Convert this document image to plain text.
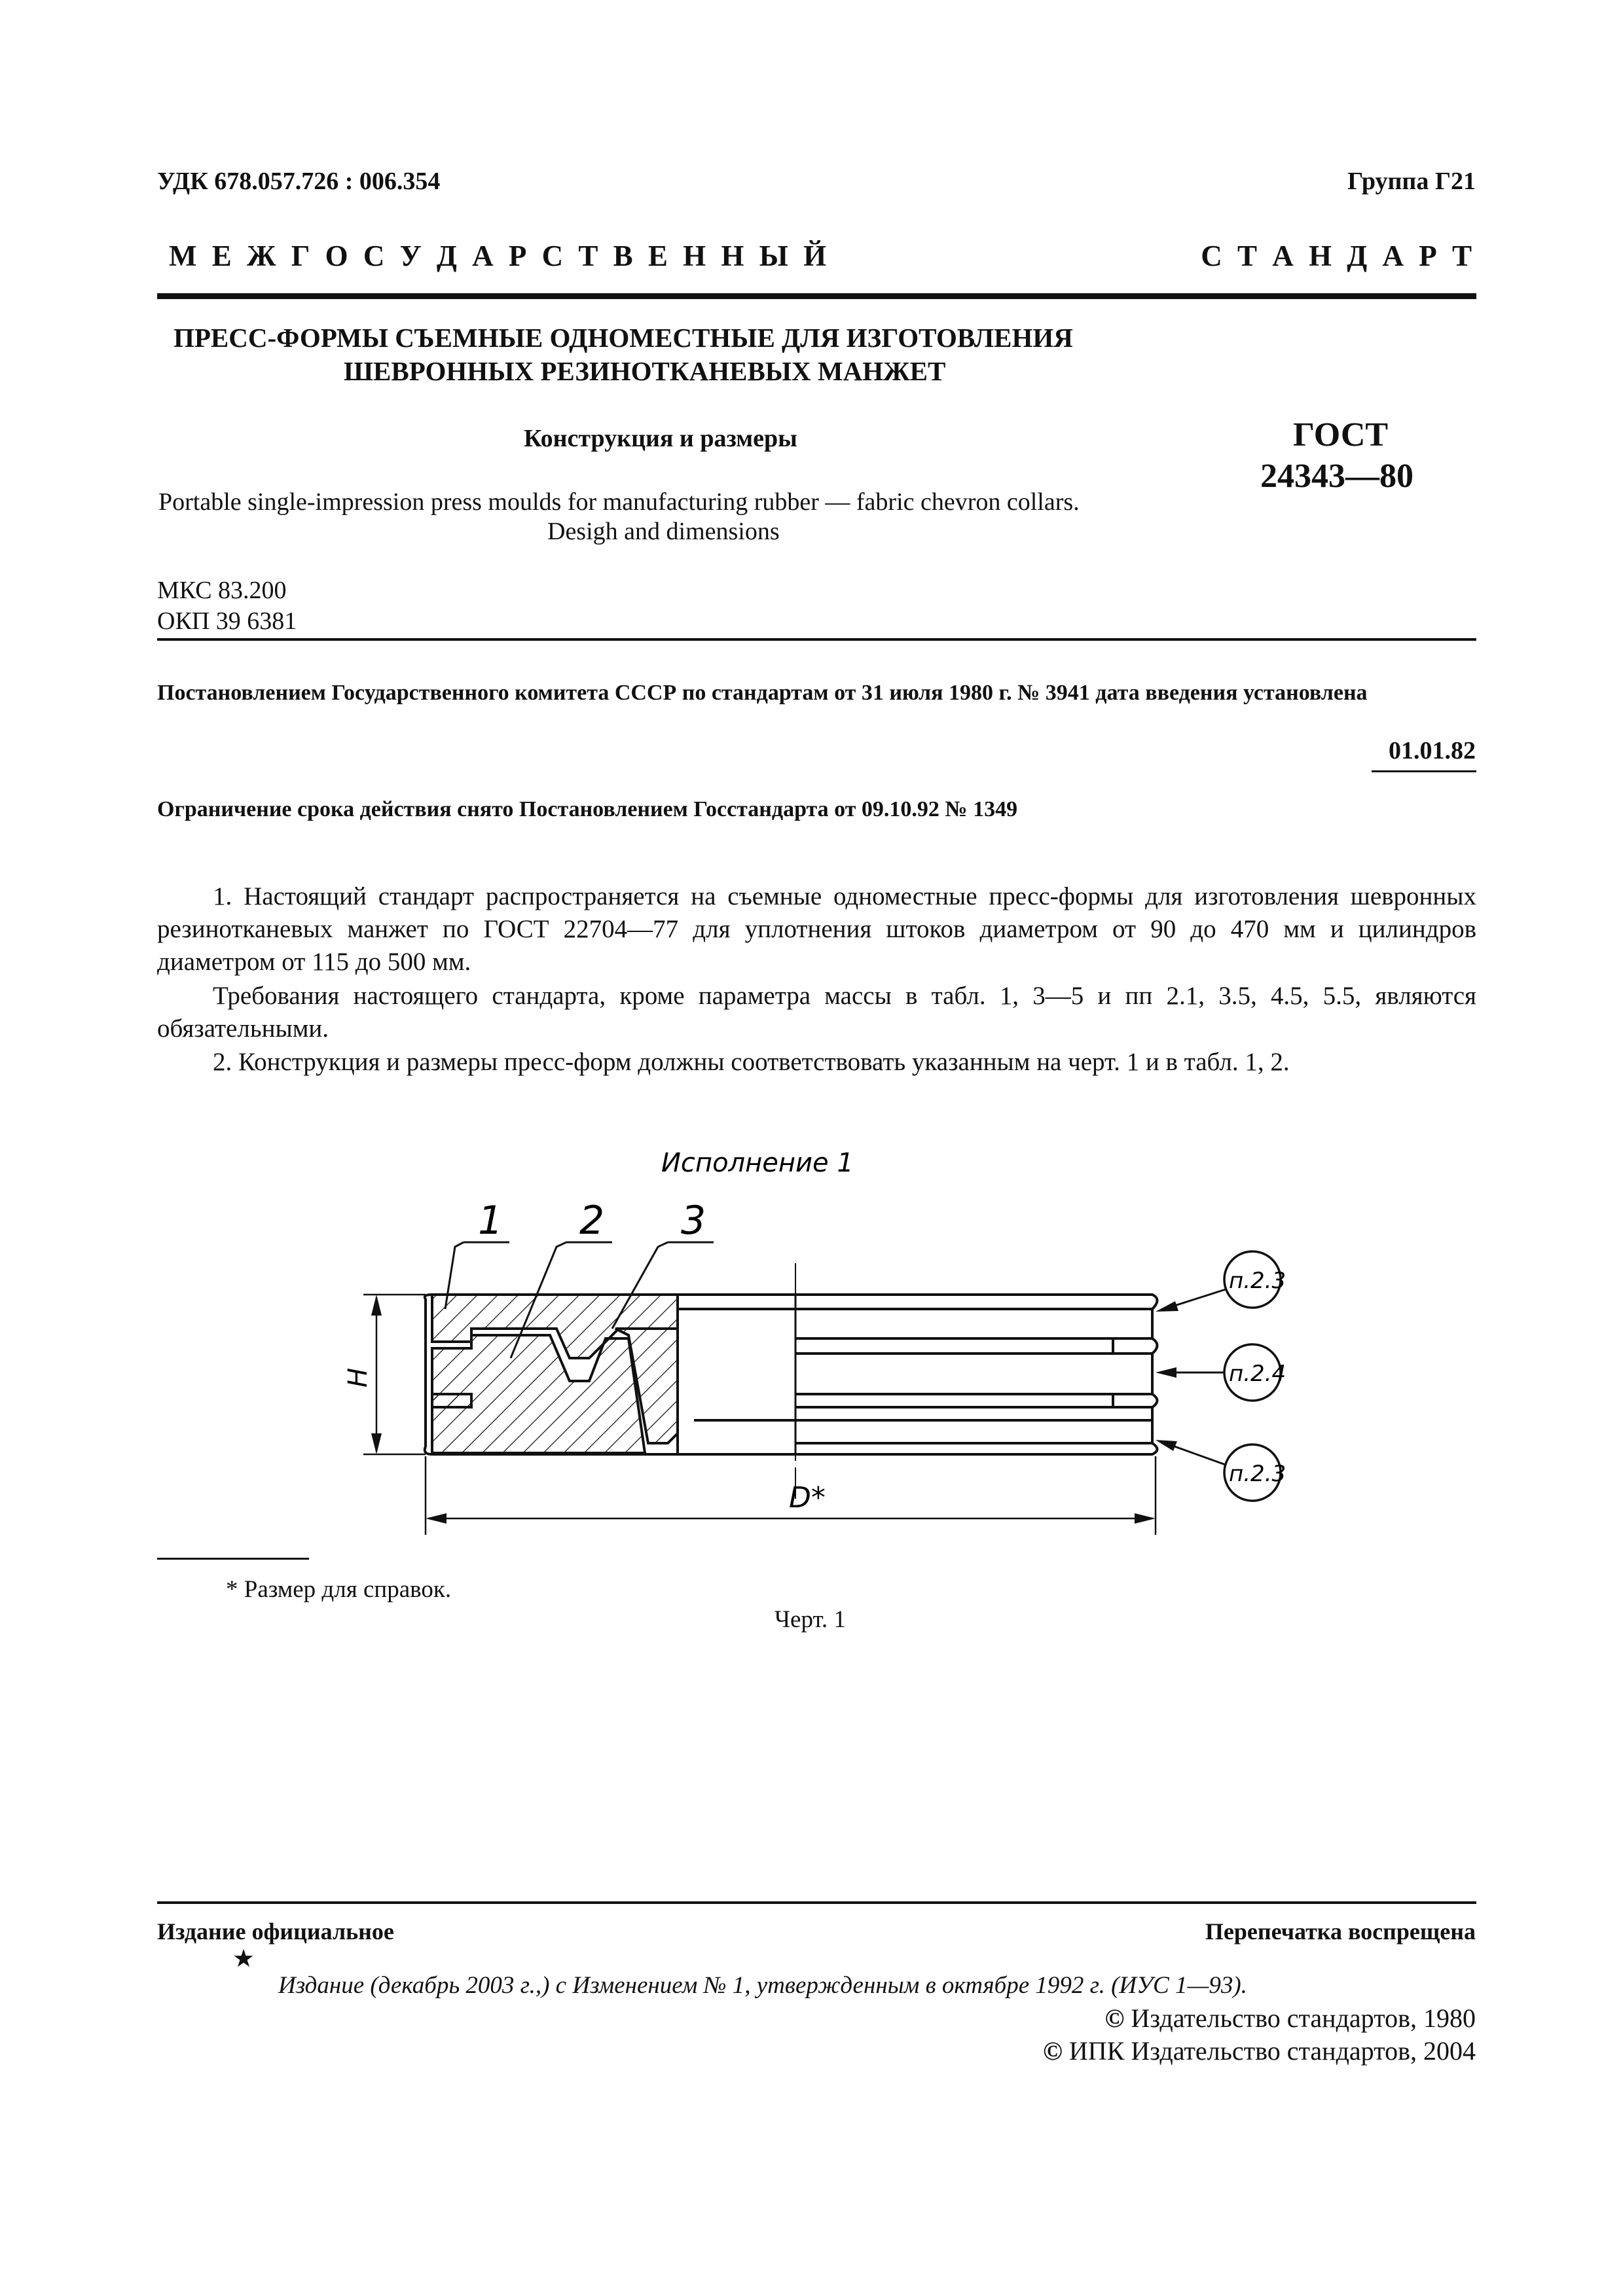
УДК 678.057.726 : 006.354	Группа Г21
М Е Ж Г О С У Д А Р С Т В Е Н Н Ы Й	С Т А Н Д А Р Т
ПРЕСС-ФОРМЫ СЪЕМНЫЕ ОДНОМЕСТНЫЕ ДЛЯ ИЗГОТОВЛЕНИЯ
ШЕВРОННЫХ РЕЗИНОТКАНЕВЫХ МАНЖЕТ
Конструкция и размеры
Portable single-impression press moulds for manufacturing rubber — fabric chevron collars.
Desigh and dimensions
ГОСТ
24343—80
МКС 83.200
ОКП 39 6381
Постановлением Государственного комитета СССР по стандартам от 31 июля 1980 г. № 3941 дата введения установлена
01.01.82
Ограничение срока действия снято Постановлением Госстандарта от 09.10.92 № 1349
1. Настоящий стандарт распространяется на съемные одноместные пресс-формы для изготовления шевронных резинотканевых манжет по ГОСТ 22704—77 для уплотнения штоков диаметром от 90 до 470 мм и цилиндров диаметром от 115 до 500 мм.
Требования настоящего стандарта, кроме параметра массы в табл. 1, 3—5 и пп 2.1, 3.5, 4.5, 5.5, являются обязательными.
2. Конструкция и размеры пресс-форм должны соответствовать указанным на черт. 1 и в табл. 1, 2.
Исполнение 1
1 2 3
H
D*
п.2.3
п.2.4
п.2.3
* Размер для справок.
Черт. 1
Издание официальное	Перепечатка воспрещена
★
Издание (декабрь 2003 г.,) с Изменением № 1, утвержденным в октябре 1992 г. (ИУС 1—93).
© Издательство стандартов, 1980
© ИПК Издательство стандартов, 2004
